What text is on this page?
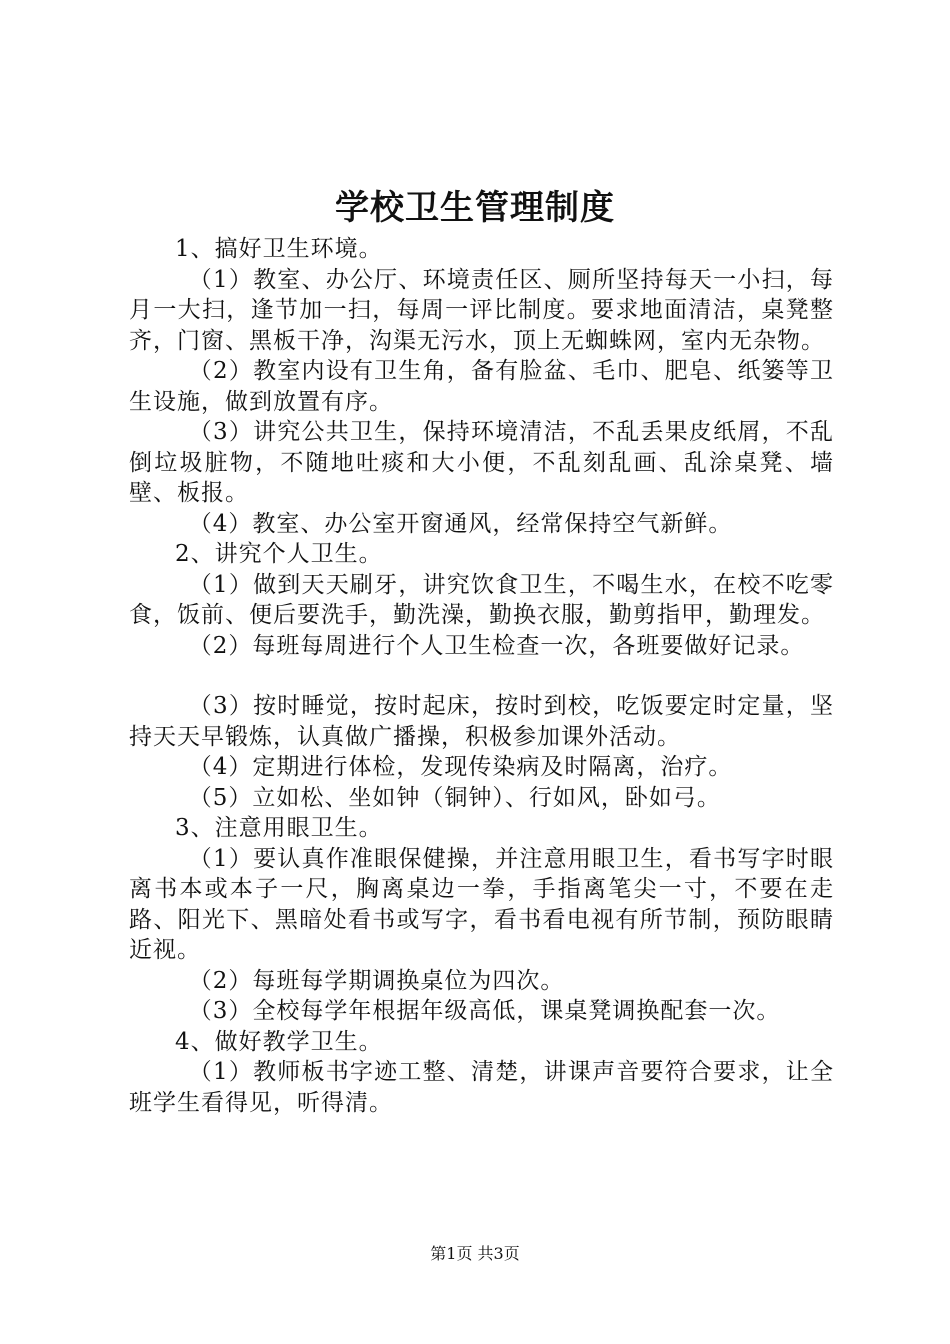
学校卫生管理制度

1、搞好卫生环境。

（1）教室、办公厅、环境责任区、厕所坚持每天一小扫，每月一大扫，逢节加一扫，每周一评比制度。要求地面清洁，桌凳整齐，门窗、黑板干净，沟渠无污水，顶上无蜘蛛网，室内无杂物。

（2）教室内设有卫生角，备有脸盆、毛巾、肥皂、纸篓等卫生设施，做到放置有序。

（3）讲究公共卫生，保持环境清洁，不乱丢果皮纸屑，不乱倒垃圾脏物，不随地吐痰和大小便，不乱刻乱画、乱涂桌凳、墙壁、板报。

（4）教室、办公室开窗通风，经常保持空气新鲜。

2、讲究个人卫生。

（1）做到天天刷牙，讲究饮食卫生，不喝生水，在校不吃零食，饭前、便后要洗手，勤洗澡，勤换衣服，勤剪指甲，勤理发。

（2）每班每周进行个人卫生检查一次，各班要做好记录。

（3）按时睡觉，按时起床，按时到校，吃饭要定时定量，坚持天天早锻炼，认真做广播操，积极参加课外活动。

（4）定期进行体检，发现传染病及时隔离，治疗。

（5）立如松、坐如钟（铜钟）、行如风，卧如弓。

3、注意用眼卫生。

（1）要认真作准眼保健操，并注意用眼卫生，看书写字时眼离书本或本子一尺，胸离桌边一拳，手指离笔尖一寸，不要在走路、阳光下、黑暗处看书或写字，看书看电视有所节制，预防眼睛近视。

（2）每班每学期调换桌位为四次。

（3）全校每学年根据年级高低，课桌凳调换配套一次。

4、做好教学卫生。

（1）教师板书字迹工整、清楚，讲课声音要符合要求，让全班学生看得见，听得清。

第1页 共3页
